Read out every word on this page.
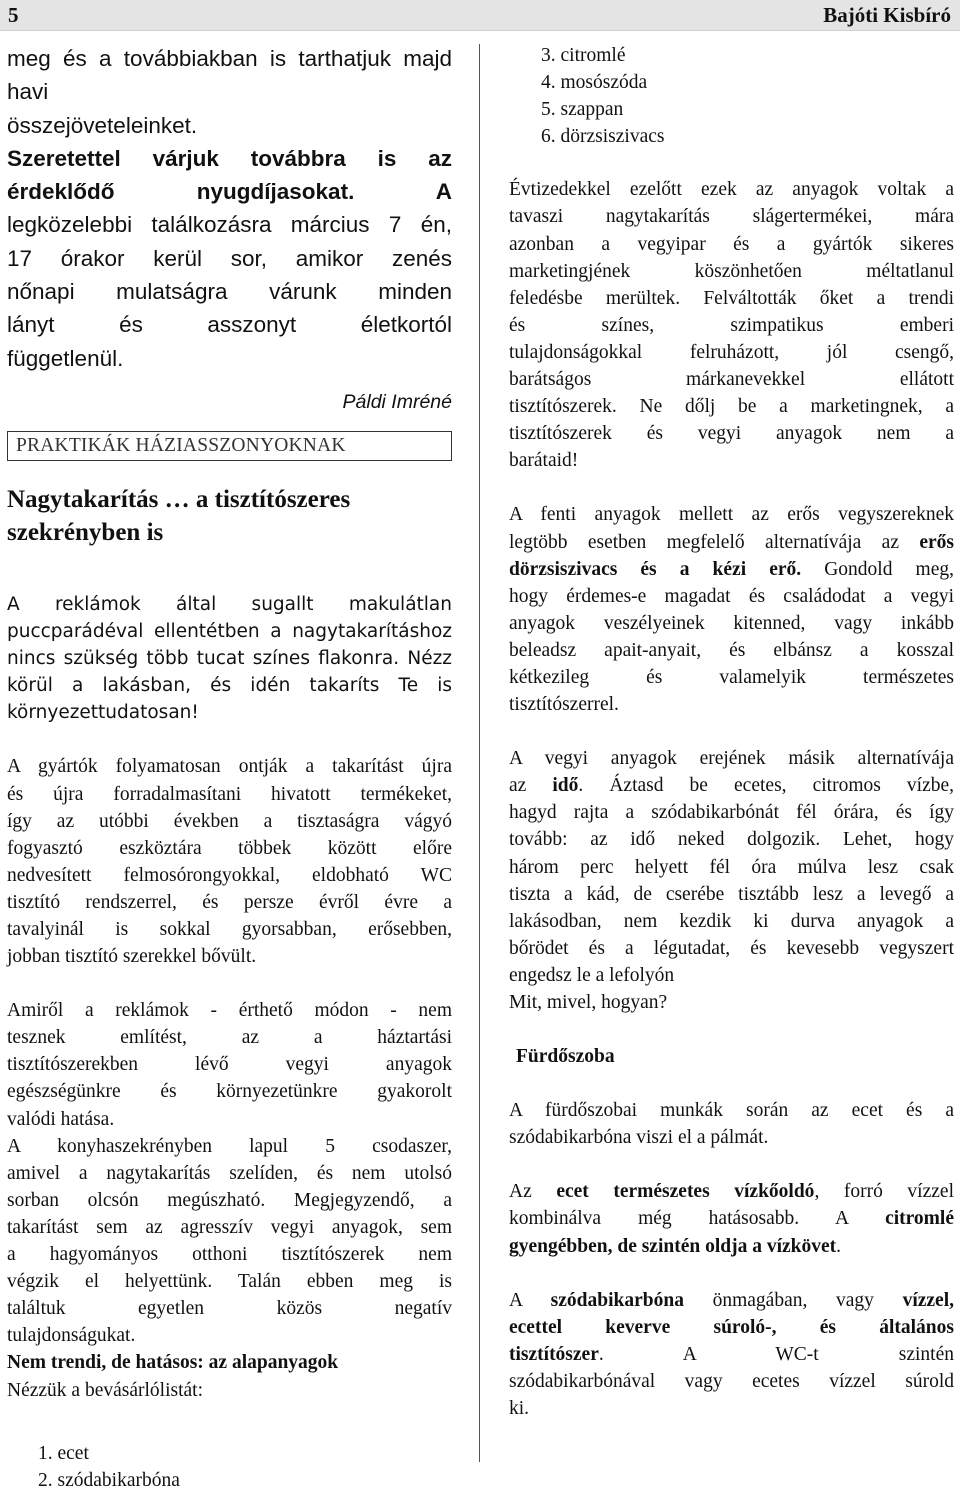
5	Bajóti Kisbíró
meg és a továbbiakban is tarthatjuk majd havi
összejöveteleinket.
Szeretettel várjuk továbbra is az
érdeklődő nyugdíjasokat. A
legközelebbi találkozásra március 7 én,
17 órakor kerül sor, amikor zenés
nőnapi mulatságra várunk minden
lányt és asszonyt életkortól
függetlenül.
Páldi Imréné
PRAKTIKÁK HÁZIASSZONYOKNAK
Nagytakarítás … a tisztítószeres
szekrényben is
A reklámok által sugallt makulátlan
puccparádéval ellentétben a nagytakarításhoz
nincs szükség több tucat színes flakonra. Nézz
körül a lakásban, és idén takaríts Te is
környezettudatosan!
A gyártók folyamatosan ontják a takarítást újra
és újra forradalmasítani hivatott termékeket,
így az utóbbi években a tisztaságra vágyó
fogyasztó eszköztára többek között előre
nedvesített felmosórongyokkal, eldobható WC
tisztító rendszerrel, és persze évről évre a
tavalyinál is sokkal gyorsabban, erősebben,
jobban tisztító szerekkel bővült.
Amiről a reklámok - érthető módon - nem
tesznek említést, az a háztartási
tisztítószerekben lévő vegyi anyagok
egészségünkre és környezetünkre gyakorolt
valódi hatása.
A konyhaszekrényben lapul 5 csodaszer,
amivel a nagytakarítás szelíden, és nem utolsó
sorban olcsón megúszható. Megjegyzendő, a
takarítást sem az agresszív vegyi anyagok, sem
a hagyományos otthoni tisztítószerek nem
végzik el helyettünk. Talán ebben meg is
találtuk egyetlen közös negatív
tulajdonságukat.
Nem trendi, de hatásos: az alapanyagok
Nézzük a bevásárlólistát:
1. ecet
2. szódabikarbóna
3. citromlé
4. mosószóda
5. szappan
6. dörzsiszivacs
Évtizedekkel ezelőtt ezek az anyagok voltak a
tavaszi nagytakarítás slágertermékei, mára
azonban a vegyipar és a gyártók sikeres
marketingjének köszönhetően méltatlanul
feledésbe merültek. Felváltották őket a trendi
és színes, szimpatikus emberi
tulajdonságokkal felruházott, jól csengő,
barátságos márkanevekkel ellátott
tisztítószerek. Ne dőlj be a marketingnek, a
tisztítószerek és vegyi anyagok nem a
barátaid!
A fenti anyagok mellett az erős vegyszereknek
legtöbb esetben megfelelő alternatívája az erős
dörzsiszivacs és a kézi erő. Gondold meg,
hogy érdemes-e magadat és családodat a vegyi
anyagok veszélyeinek kitenned, vagy inkább
beleadsz apait-anyait, és elbánsz a kosszal
kétkezileg és valamelyik természetes
tisztítószerrel.
A vegyi anyagok erejének másik alternatívája
az idő. Áztasd be ecetes, citromos vízbe,
hagyd rajta a szódabikarbónát fél órára, és így
tovább: az idő neked dolgozik. Lehet, hogy
három perc helyett fél óra múlva lesz csak
tiszta a kád, de cserébe tisztább lesz a levegő a
lakásodban, nem kezdik ki durva anyagok a
bőrödet és a légutadat, és kevesebb vegyszert
engedsz le a lefolyón
Mit, mivel, hogyan?
Fürdőszoba
A fürdőszobai munkák során az ecet és a
szódabikarbóna viszi el a pálmát.
Az ecet természetes vízkőoldó, forró vízzel
kombinálva még hatásosabb. A citromlé
gyengébben, de szintén oldja a vízkövet.
A szódabikarbóna önmagában, vagy vízzel,
ecettel keverve súroló-, és általános
tisztítószer. A WC-t szintén
szódabikarbónával vagy ecetes vízzel súrold
ki.
